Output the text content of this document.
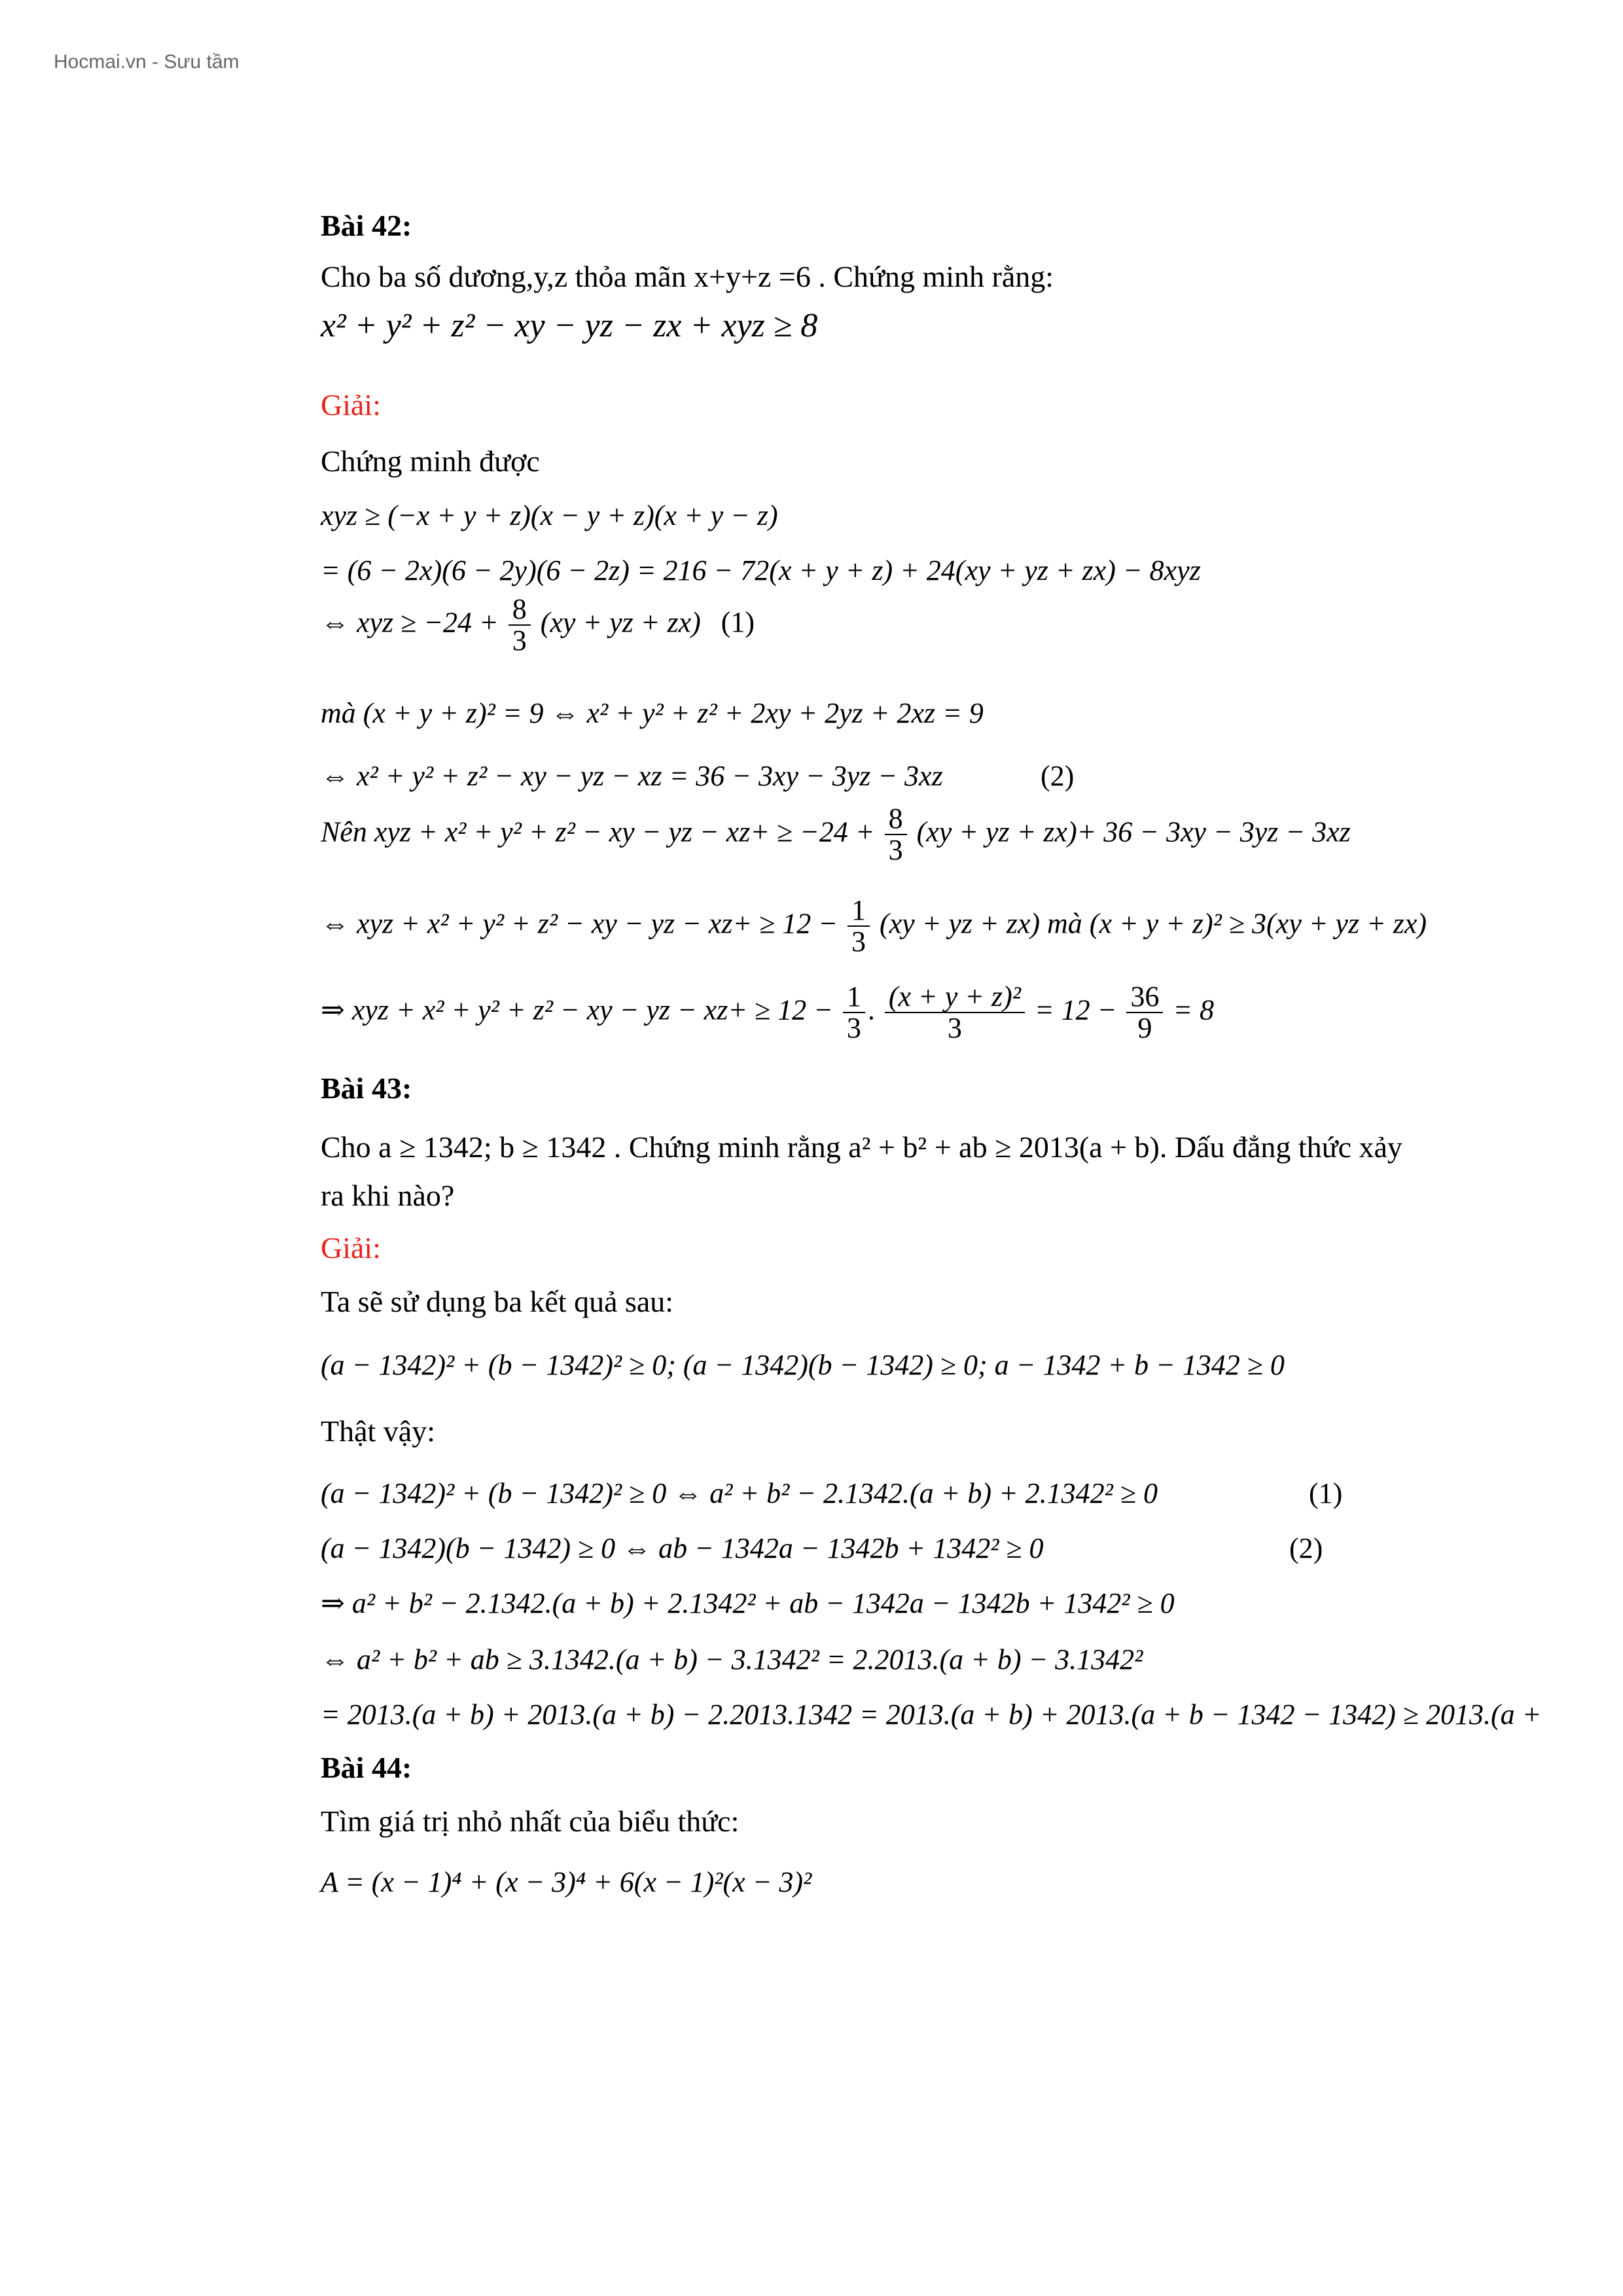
Hocmai.vn - Sưu tầm
Bài 42:
Cho ba số dương,y,z thỏa mãn x+y+z =6 . Chứng minh rằng:
x² + y² + z² − xy − yz − zx + xyz ≥ 8
Giải:
Chứng minh được
xyz ≥ (−x + y + z)(x − y + z)(x + y − z)
= (6 − 2x)(6 − 2y)(6 − 2z) = 216 − 72(x + y + z) + 24(xy + yz + zx) − 8xyz
⇔ xyz ≥ $-24 + \frac{8}{3} (xy$ + yz + zx) (1)
mà (x + y + z)² = 9 ⇔ x² + y² + z² + 2xy + 2yz + 2xz = 9
⇔ x² + y² + z² − xy − yz − xz = 36 − 3xy − 3yz − 3xz	(2)
Nên xyz + x² + y² + z² − xy − yz − $xz+ \ge -24 + \frac{8}{3} (xy$ + yz + zx)+ 36 − 3xy − 3yz − 3xz
⇔ xyz + x² + y² + z² − xy − yz − $xz+ \ge 12 - \frac{1}{3} (xy$ + yz + zx) mà (x + y + z)² ≥ 3(xy + yz + zx)
⇒ xyz + x² + y² + z² − xy − yz − $xz+ \ge 12 - \frac{1}{3}$ . $\frac{\text{(x + y + z)²}}{3} = 12 - \frac{36}{9} = 8$
Bài 43:
Cho a ≥ 1342; b ≥ 1342 . Chứng minh rằng a² + b² + ab ≥ 2013(a + b). Dấu đẳng thức xảy
ra khi nào?
Giải:
Ta sẽ sử dụng ba kết quả sau:
(a − 1342)² + (b − 1342)² ≥ 0; (a − 1342)(b − 1342) ≥ 0; a − 1342 + b − 1342 ≥ 0
Thật vậy:
(a − 1342)² + (b − 1342)² ≥ 0 ⇔ a² + b² − 2.1342.(a + b) + 2.1342² ≥ 0	(1)
(a − 1342)(b − 1342) ≥ 0 ⇔ ab − 1342a − 1342b + 1342² ≥ 0	(2)
⇒ a² + b² − 2.1342.(a + b) + 2.1342² + ab − 1342a − 1342b + 1342² ≥ 0
⇔ a² + b² + ab ≥ 3.1342.(a + b) − 3.1342² = 2.2013.(a + b) − 3.1342²
= 2013.(a + b) + 2013.(a + b) − 2.2013.1342 = 2013.(a + b) + 2013.(a + b − 1342 − 1342) ≥ 2013.(a +
Bài 44:
Tìm giá trị nhỏ nhất của biểu thức:
A = (x − 1)⁴ + (x − 3)⁴ + 6(x − 1)²(x − 3)²
